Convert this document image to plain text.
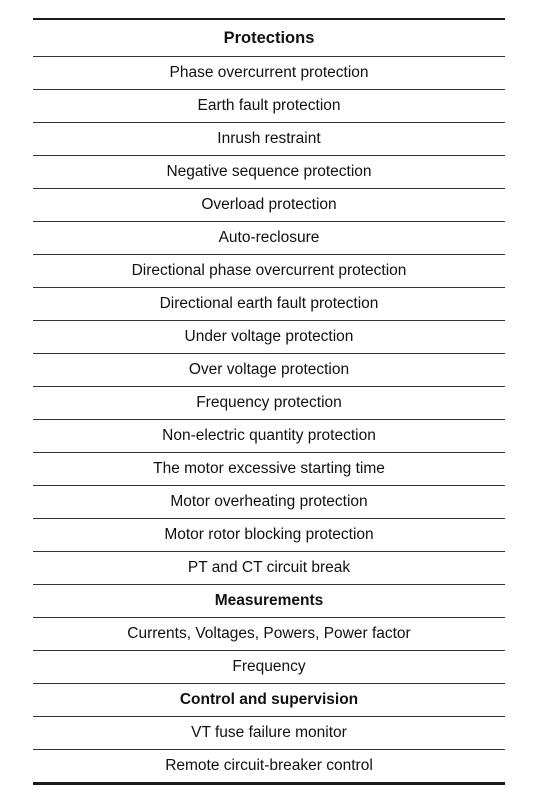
Protections
Phase overcurrent protection
Earth fault protection
Inrush restraint
Negative sequence protection
Overload protection
Auto-reclosure
Directional phase overcurrent protection
Directional earth fault protection
Under voltage protection
Over voltage protection
Frequency protection
Non-electric quantity protection
The motor excessive starting time
Motor overheating protection
Motor rotor blocking protection
PT and CT circuit break
Measurements
Currents, Voltages, Powers, Power factor
Frequency
Control and supervision
VT fuse failure monitor
Remote circuit-breaker control
